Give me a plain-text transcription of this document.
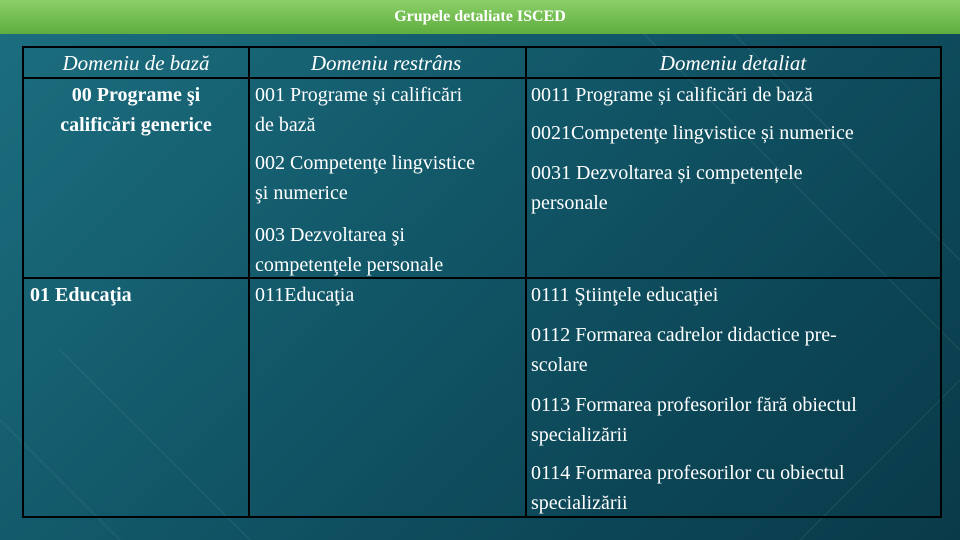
Grupele detaliate ISCED
Domeniu de bază	Domeniu restrâns	Domeniu detaliat
00 Programe şi
calificări generice
01 Educaţia
001 Programe și calificări
de bază
002 Competenţe lingvistice
şi numerice
003 Dezvoltarea şi
competenţele personale
011Educaţia
0011 Programe și calificări de bază
0021Competenţe lingvistice și numerice
0031 Dezvoltarea și competențele
personale
0111 Ştiinţele educaţiei
0112 Formarea cadrelor didactice pre-
scolare
0113 Formarea profesorilor fără obiectul
specializării
0114 Formarea profesorilor cu obiectul
specializării
